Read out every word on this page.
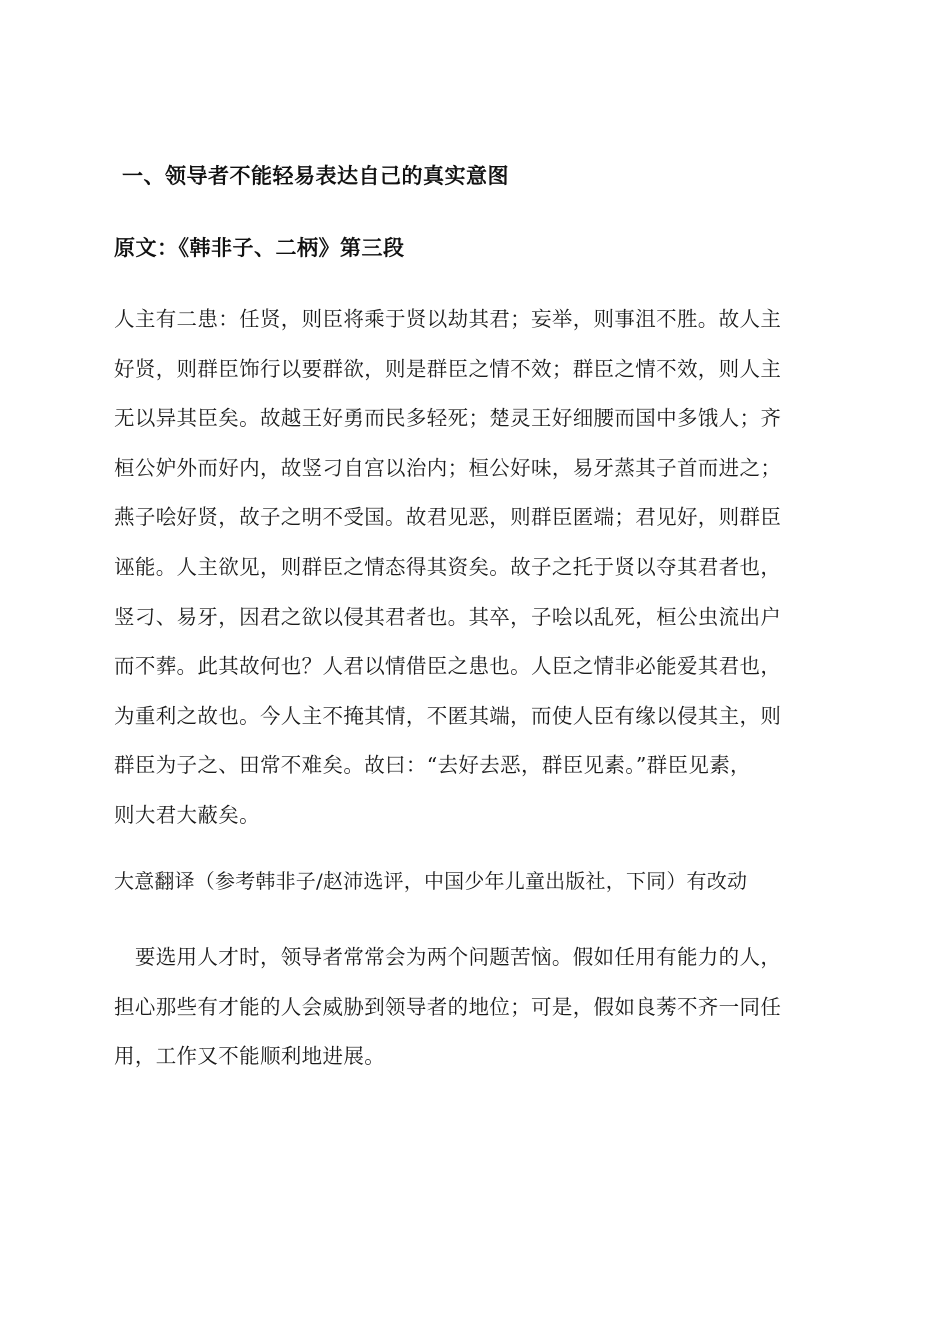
一、领导者不能轻易表达自己的真实意图
原文：《韩非子、二柄》第三段
人主有二患：任贤，则臣将乘于贤以劫其君；妄举，则事沮不胜。故人主
好贤，则群臣饰行以要群欲，则是群臣之情不效；群臣之情不效，则人主
无以异其臣矣。故越王好勇而民多轻死；楚灵王好细腰而国中多饿人；齐
桓公妒外而好内，故竖刁自宫以治内；桓公好味，易牙蒸其子首而进之；
燕子哙好贤，故子之明不受国。故君见恶，则群臣匿端；君见好，则群臣
诬能。人主欲见，则群臣之情态得其资矣。故子之托于贤以夺其君者也，
竖刁、易牙，因君之欲以侵其君者也。其卒，子哙以乱死，桓公虫流出户
而不葬。此其故何也？人君以情借臣之患也。人臣之情非必能爱其君也，
为重利之故也。今人主不掩其情，不匿其端，而使人臣有缘以侵其主，则
群臣为子之、田常不难矣。故曰：“去好去恶，群臣见素。”群臣见素，
则大君大蔽矣。
大意翻译（参考韩非子/赵沛选评，中国少年儿童出版社，下同）有改动
　要选用人才时，领导者常常会为两个问题苦恼。假如任用有能力的人，
担心那些有才能的人会威胁到领导者的地位；可是，假如良莠不齐一同任
用，工作又不能顺利地进展。
